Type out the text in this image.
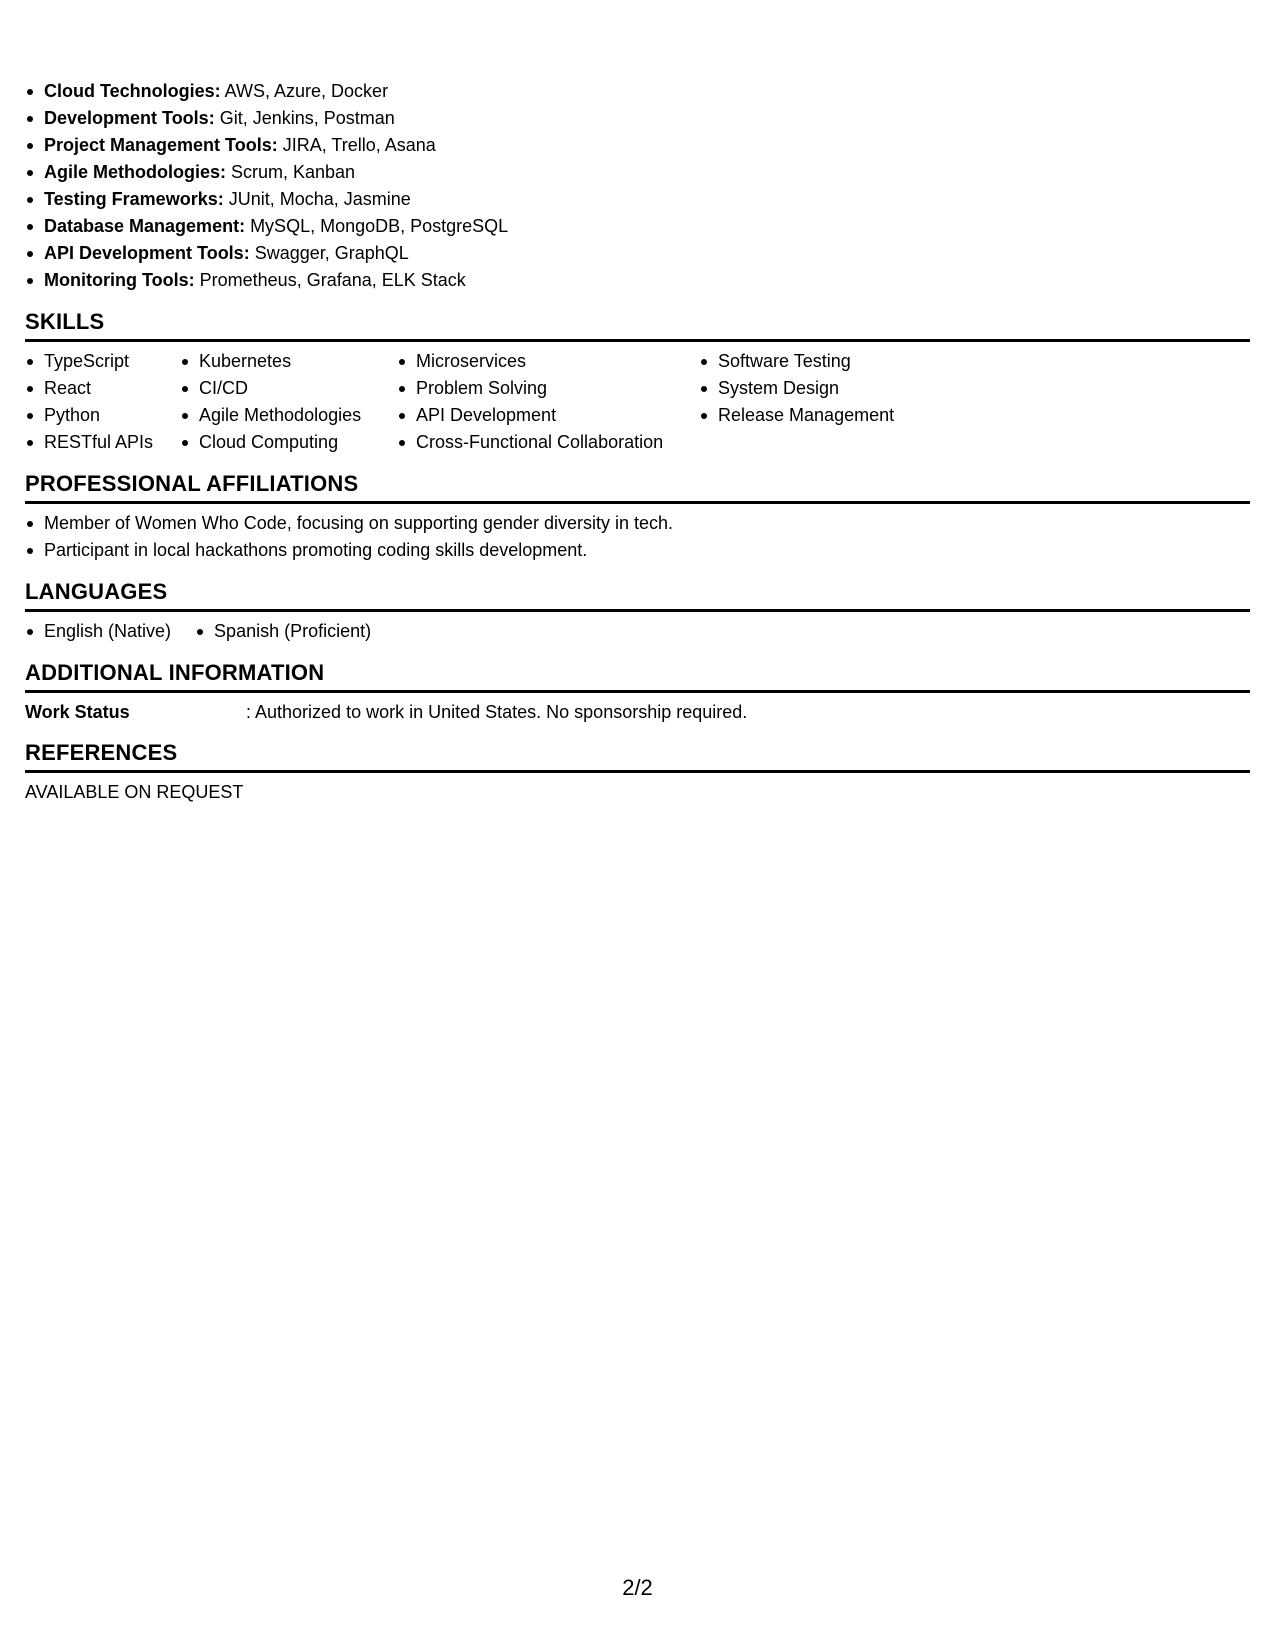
Cloud Technologies: AWS, Azure, Docker
Development Tools: Git, Jenkins, Postman
Project Management Tools: JIRA, Trello, Asana
Agile Methodologies: Scrum, Kanban
Testing Frameworks: JUnit, Mocha, Jasmine
Database Management: MySQL, MongoDB, PostgreSQL
API Development Tools: Swagger, GraphQL
Monitoring Tools: Prometheus, Grafana, ELK Stack
SKILLS
TypeScript
React
Python
RESTful APIs
Kubernetes
CI/CD
Agile Methodologies
Cloud Computing
Microservices
Problem Solving
API Development
Cross-Functional Collaboration
Software Testing
System Design
Release Management
PROFESSIONAL AFFILIATIONS
Member of Women Who Code, focusing on supporting gender diversity in tech.
Participant in local hackathons promoting coding skills development.
LANGUAGES
English (Native)	Spanish (Proficient)
ADDITIONAL INFORMATION
Work Status	: Authorized to work in United States. No sponsorship required.
REFERENCES
AVAILABLE ON REQUEST
2/2
